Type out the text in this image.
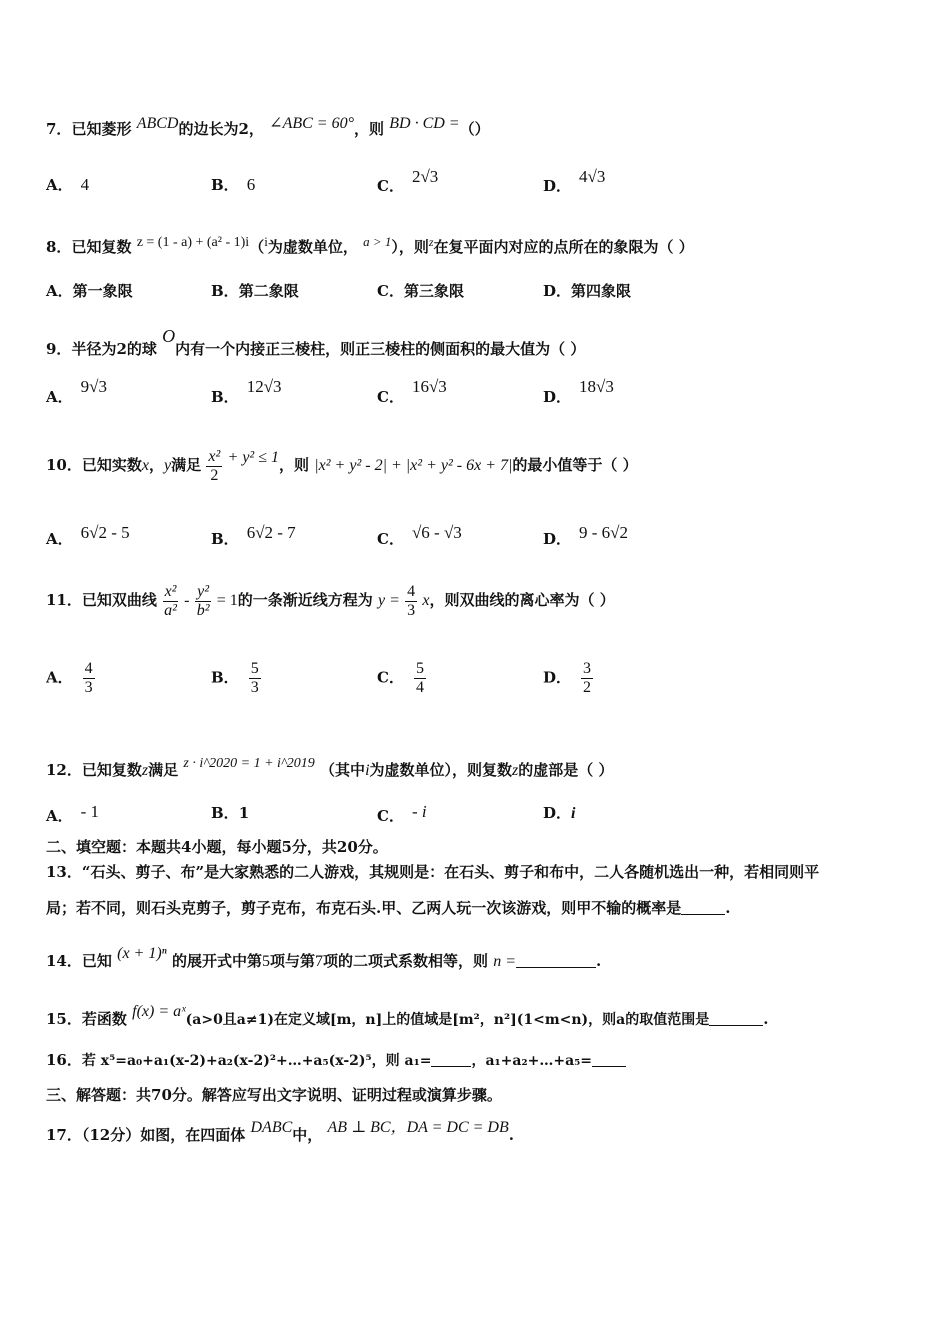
7．已知菱形 ABCD的边长为2， ∠ABC = 60°，则 BD · CD =（）
A． 4	B． 6	C． 2√3	D． 4√3
8．已知复数 z = (1 - a) + (a² - 1)i（i为虚数单位， a > 1），则$^z$在复平面内对应的点所在的象限为（ ）
A．第一象限	B．第二象限	C．第三象限	D．第四象限
9．半径为2的球 O内有一个内接正三棱柱，则正三棱柱的侧面积的最大值为（ ）
A．9√3
B．12√3
C．16√3
D．18√3
10．已知实数x，y满足 $\frac{\text{x²}}{2} + y^2 \le 1$，则 |x² + y² - 2| + |x² + y² - 6x + 7|的最小值等于（ ）
A． 6√2 - 5	B． 6√2 - 7	C． √6 - √3	D． 9 - 6√2
11．已知双曲线 $\frac{\text{x²}}{\text{a²}} - \frac{\text{y²}}{\text{b²}} = 1$的一条渐近线方程为 $y = \frac{4}{3}$ x，则双曲线的离心率为（ ）
A． $\frac{4}{3}$	B． $\frac{5}{3}$	C． $\frac{5}{4}$	D． $\frac{3}{2}$
12．已知复数z满足 z · i^2020 = 1 + i^2019 （其中i为虚数单位），则复数z的虚部是（ ）
A． - 1	B．1	C． - i	D．i
二、填空题：本题共4小题，每小题5分，共20分。
13．“石头、剪子、布”是大家熟悉的二人游戏，其规则是：在石头、剪子和布中，二人各随机选出一种，若相同则平
局；若不同，则石头克剪子，剪子克布，布克石头.甲、乙两人玩一次该游戏，则甲不输的概率是	.
14．已知 (x + 1)ⁿ 的展开式中第5项与第7项的二项式系数相等，则 n =	.
15．若函数 f(x) = aˣ(a>0且a≠1)在定义域[m，n]上的值域是[m²，n²](1<m<n)，则a的取值范围是	.
16．若 x⁵=a₀+a₁(x-2)+a₂(x-2)²+…+a₅(x-2)⁵，则 a₁=	，a₁+a₂+…+a₅=
三、解答题：共70分。解答应写出文字说明、证明过程或演算步骤。
17．（12分）如图，在四面体 DABC中， AB ⊥ BC，DA = DC = DB.
